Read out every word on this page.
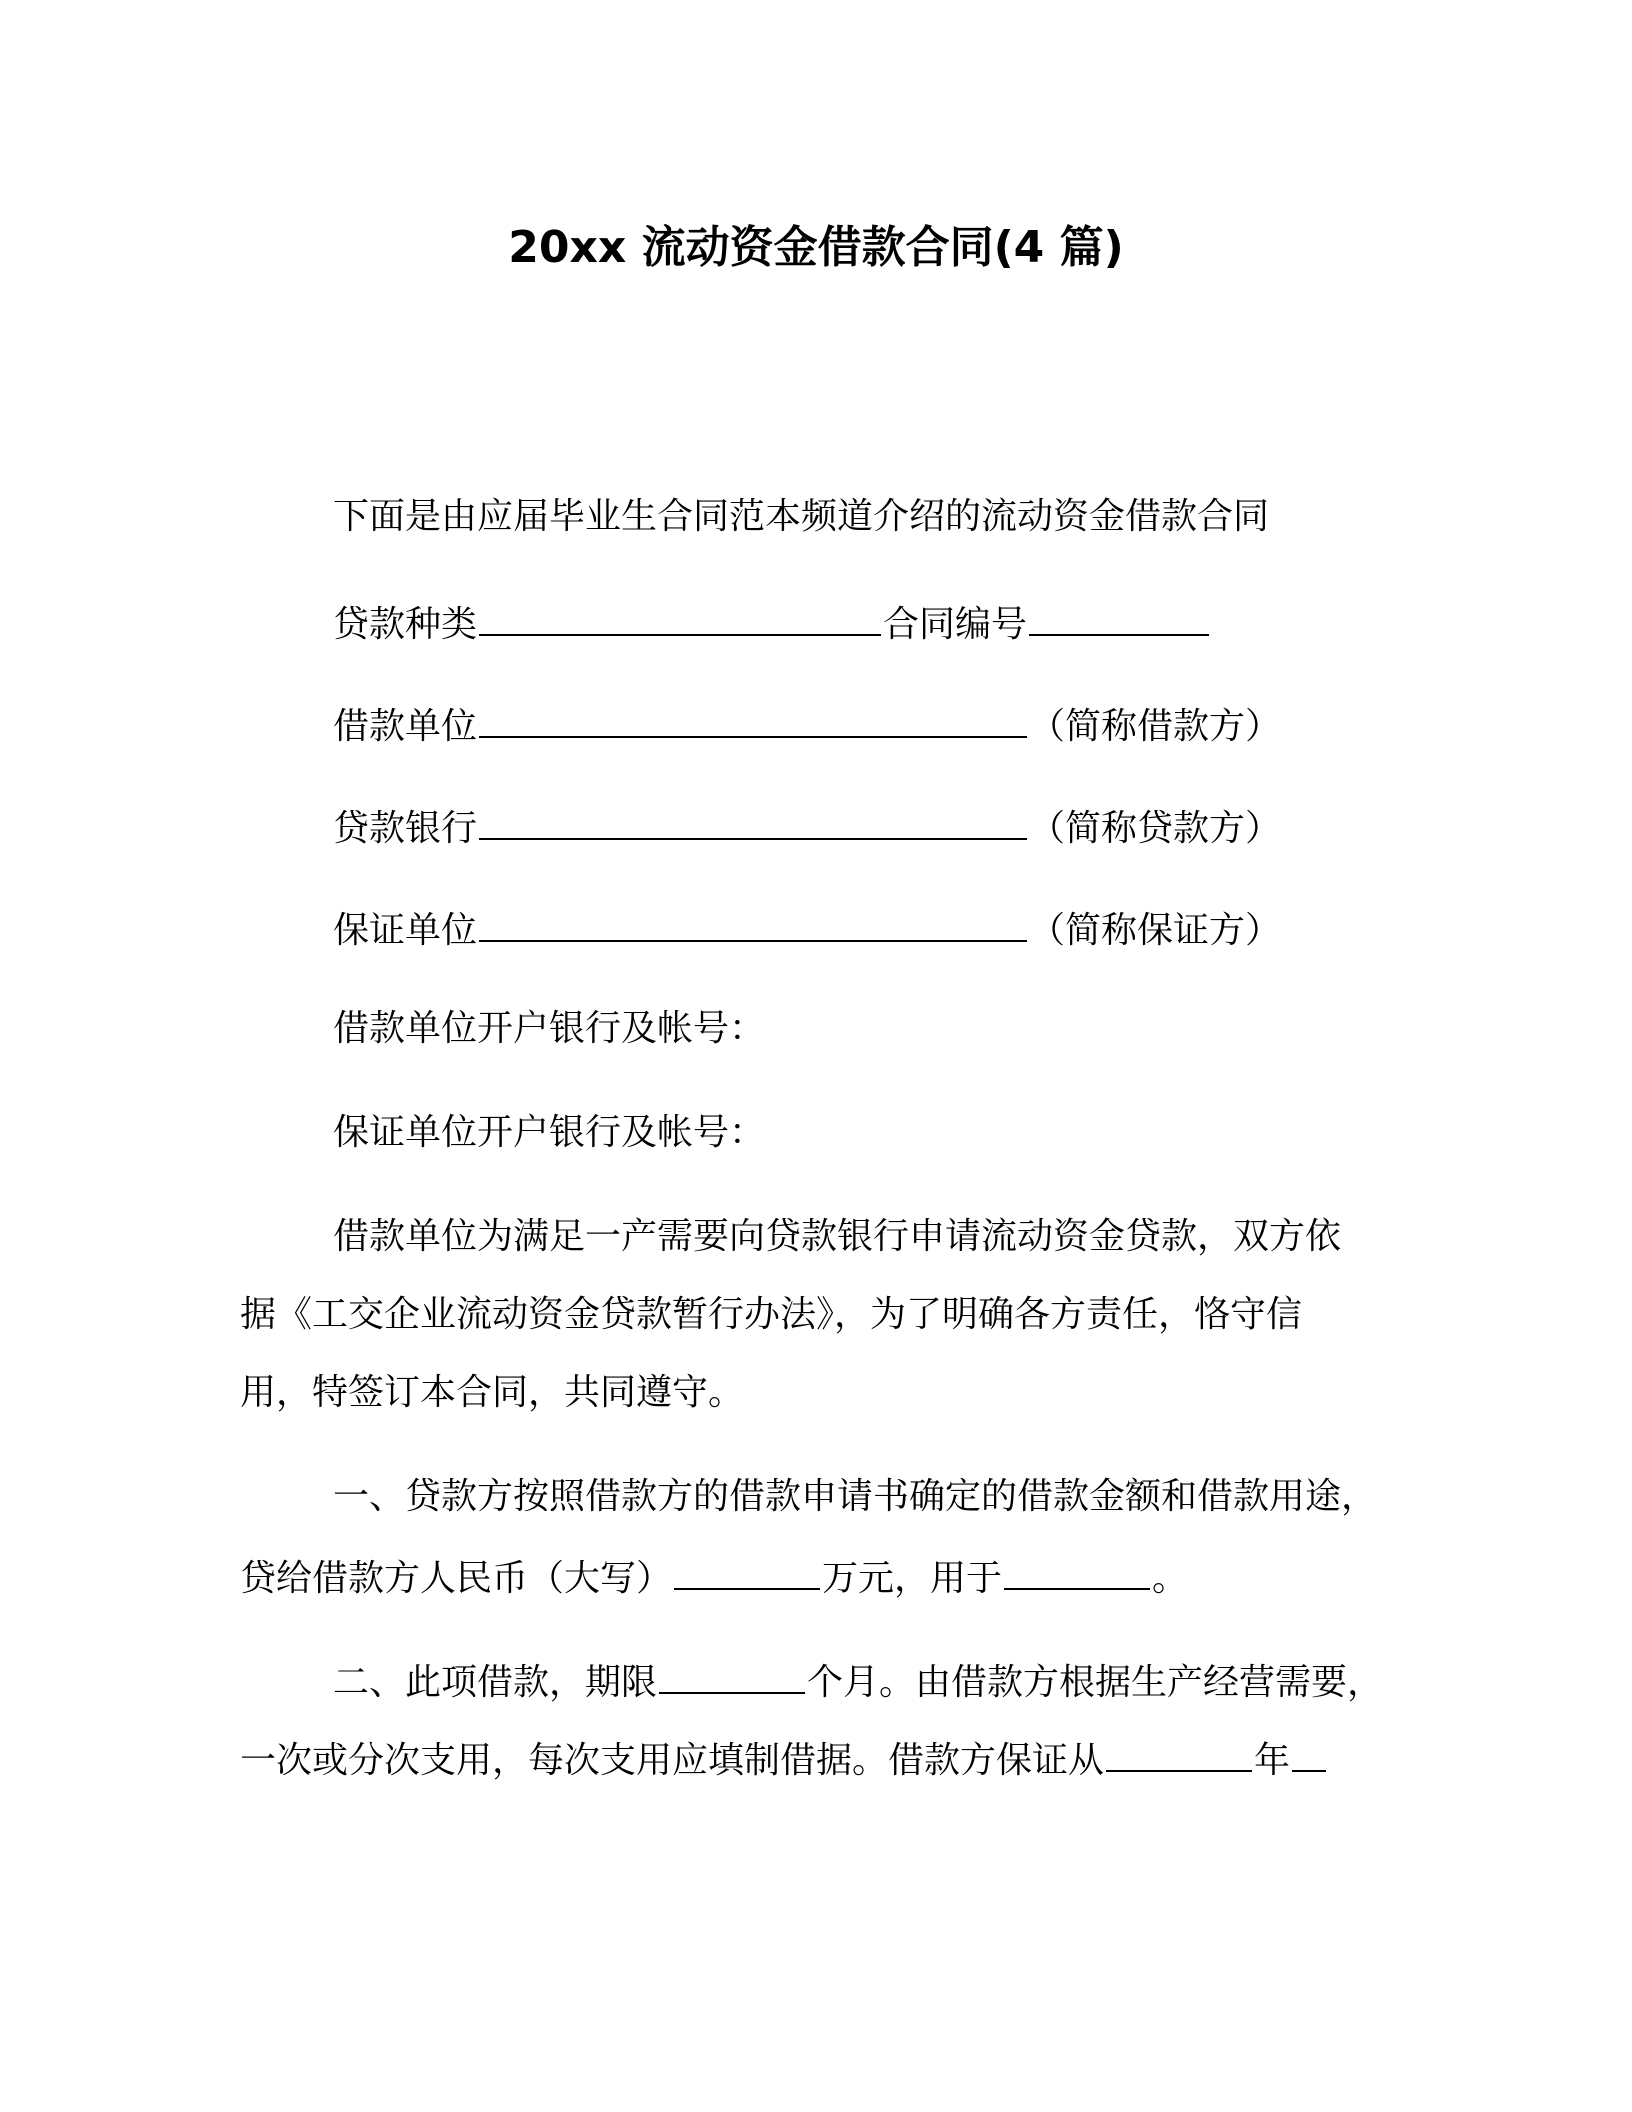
20xx 流动资金借款合同(4 篇)

下面是由应届毕业生合同范本频道介绍的流动资金借款合同

贷款种类	合同编号

借款单位	（简称借款方）

贷款银行	（简称贷款方）

保证单位	（简称保证方）

借款单位开户银行及帐号：

保证单位开户银行及帐号：

借款单位为满足一产需要向贷款银行申请流动资金贷款，双方依

据《工交企业流动资金贷款暂行办法》，为了明确各方责任，恪守信

用，特签订本合同，共同遵守。

一、贷款方按照借款方的借款申请书确定的借款金额和借款用途，

贷给借款方人民币（大写）	万元，用于	。

二、此项借款，期限	个月。由借款方根据生产经营需要，

一次或分次支用，每次支用应填制借据。借款方保证从	年
